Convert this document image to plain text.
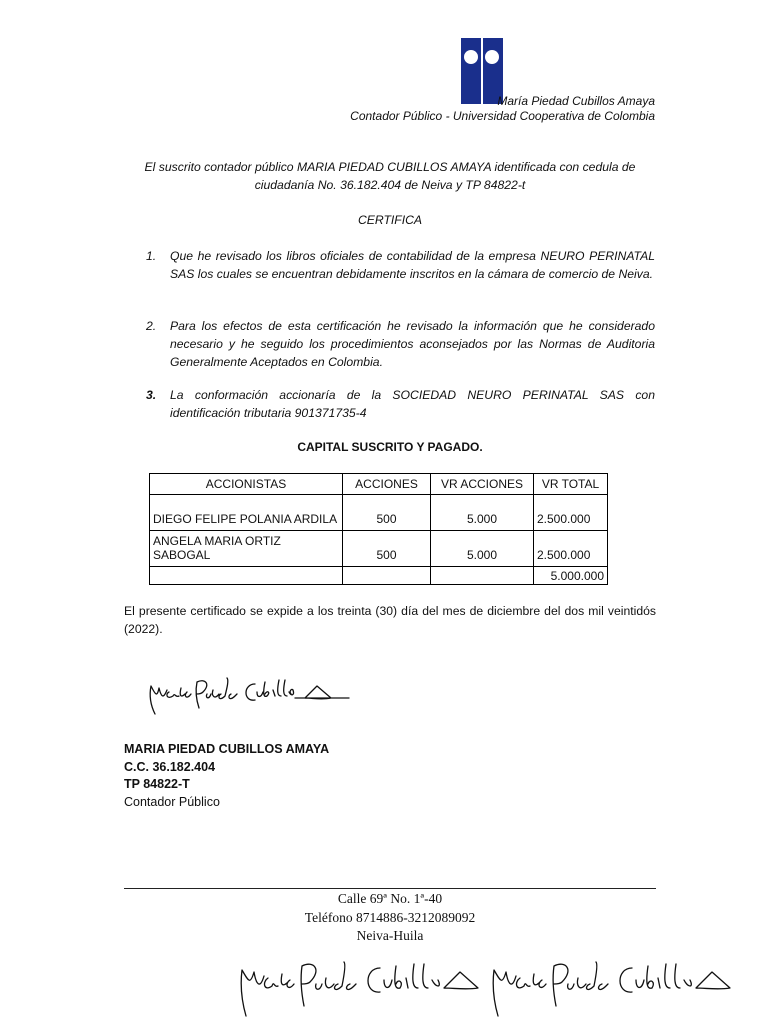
María Piedad Cubillos Amaya
Contador Público - Universidad Cooperativa de Colombia
El suscrito contador público MARIA PIEDAD CUBILLOS AMAYA identificada con cedula de
ciudadanía No. 36.182.404 de Neiva y TP 84822-t
CERTIFICA
1.	Que he revisado los libros oficiales de contabilidad de la empresa NEURO PERINATAL SAS los cuales se encuentran debidamente inscritos en la cámara de comercio de Neiva.
2.	Para los efectos de esta certificación he revisado la información que he considerado necesario y he seguido los procedimientos aconsejados por las Normas de Auditoria Generalmente Aceptados en Colombia.
3.	La conformación accionaría de la SOCIEDAD NEURO PERINATAL SAS con identificación tributaria 901371735-4
CAPITAL SUSCRITO Y PAGADO.
ACCIONISTAS	ACCIONES	VR ACCIONES	VR TOTAL
DIEGO FELIPE POLANIA ARDILA	500	5.000	2.500.000
ANGELA MARIA ORTIZ SABOGAL	500	5.000	2.500.000
			5.000.000
El presente certificado se expide a los treinta (30) día del mes de diciembre del dos mil veintidós (2022).
MARIA PIEDAD CUBILLOS AMAYA
C.C. 36.182.404
TP 84822-T
Contador Público
Calle 69ª No. 1ª-40
Teléfono 8714886-3212089092
Neiva-Huila
